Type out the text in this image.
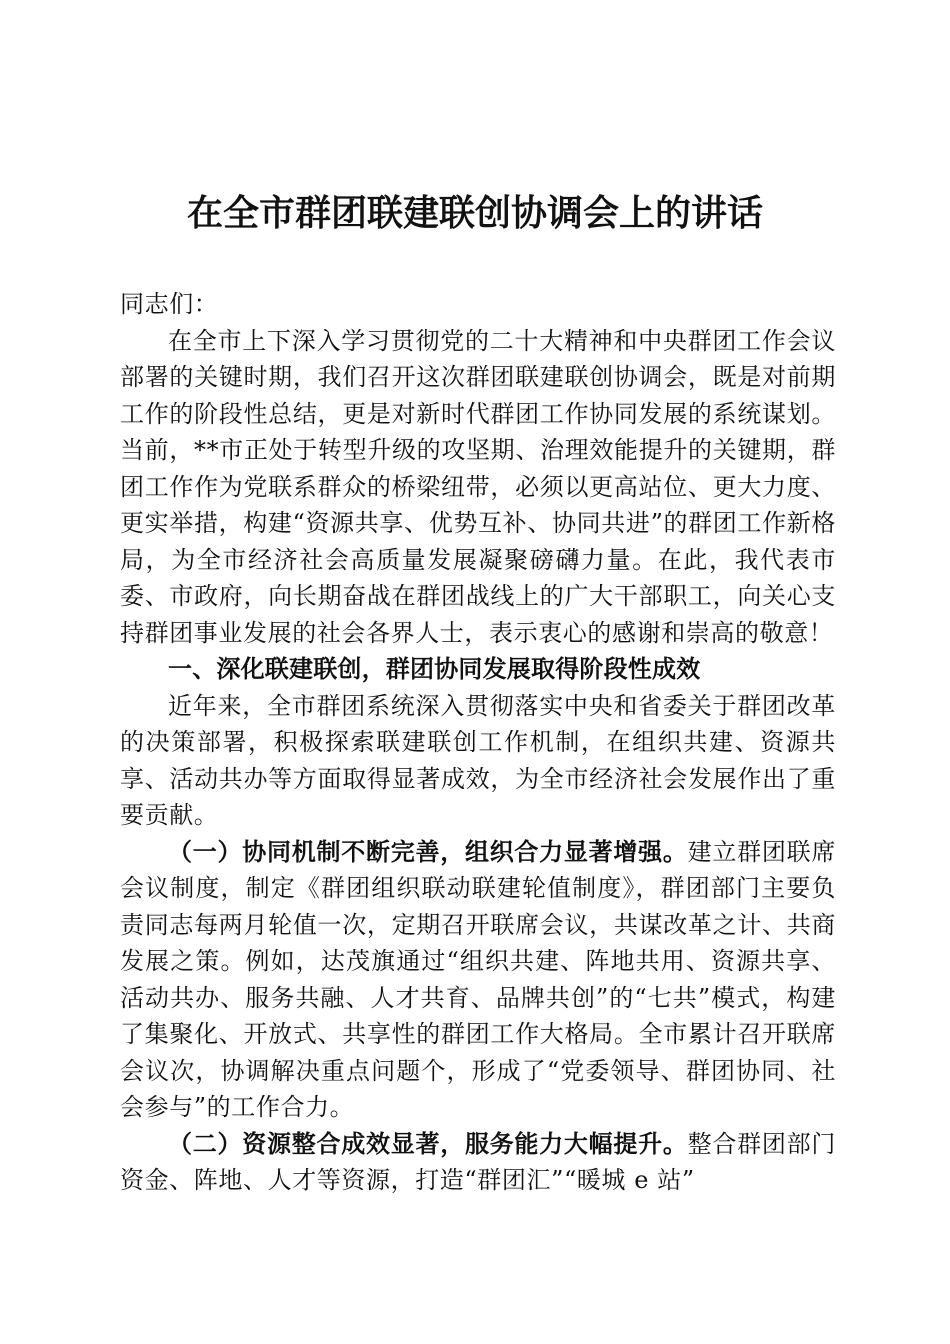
在全市群团联建联创协调会上的讲话

同志们：

在全市上下深入学习贯彻党的二十大精神和中央群团工作会议部署的关键时期，我们召开这次群团联建联创协调会，既是对前期工作的阶段性总结，更是对新时代群团工作协同发展的系统谋划。当前，**市正处于转型升级的攻坚期、治理效能提升的关键期，群团工作作为党联系群众的桥梁纽带，必须以更高站位、更大力度、更实举措，构建“资源共享、优势互补、协同共进”的群团工作新格局，为全市经济社会高质量发展凝聚磅礴力量。在此，我代表市委、市政府，向长期奋战在群团战线上的广大干部职工，向关心支持群团事业发展的社会各界人士，表示衷心的感谢和崇高的敬意！

一、深化联建联创，群团协同发展取得阶段性成效

近年来，全市群团系统深入贯彻落实中央和省委关于群团改革的决策部署，积极探索联建联创工作机制，在组织共建、资源共享、活动共办等方面取得显著成效，为全市经济社会发展作出了重要贡献。

（一）协同机制不断完善，组织合力显著增强。建立群团联席会议制度，制定《群团组织联动联建轮值制度》，群团部门主要负责同志每两月轮值一次，定期召开联席会议，共谋改革之计、共商发展之策。例如，达茂旗通过“组织共建、阵地共用、资源共享、活动共办、服务共融、人才共育、品牌共创”的“七共”模式，构建了集聚化、开放式、共享性的群团工作大格局。全市累计召开联席会议次，协调解决重点问题个，形成了“党委领导、群团协同、社会参与”的工作合力。

（二）资源整合成效显著，服务能力大幅提升。整合群团部门资金、阵地、人才等资源，打造“群团汇”“暖城 e 站”
